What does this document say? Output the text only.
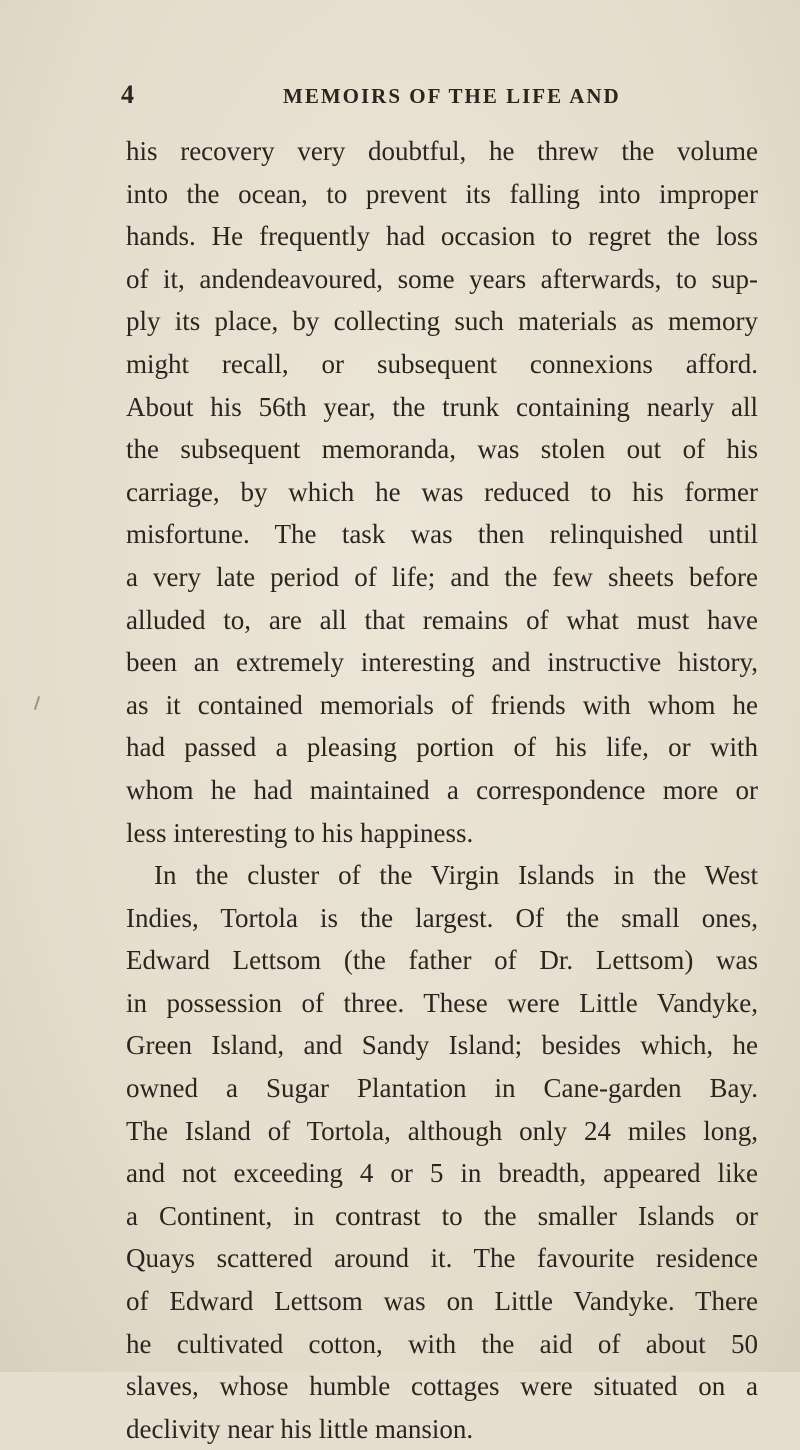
4	MEMOIRS OF THE LIFE AND
his recovery very doubtful, he threw the volume
into the ocean, to prevent its falling into improper
hands. He frequently had occasion to regret the loss
of it, andendeavoured, some years afterwards, to sup-
ply its place, by collecting such materials as memory
might recall, or subsequent connexions afford.
About his 56th year, the trunk containing nearly all
the subsequent memoranda, was stolen out of his
carriage, by which he was reduced to his former
misfortune. The task was then relinquished until
a very late period of life; and the few sheets before
alluded to, are all that remains of what must have
been an extremely interesting and instructive history,
as it contained memorials of friends with whom he
had passed a pleasing portion of his life, or with
whom he had maintained a correspondence more or
less interesting to his happiness.
In the cluster of the Virgin Islands in the West
Indies, Tortola is the largest. Of the small ones,
Edward Lettsom (the father of Dr. Lettsom) was
in possession of three. These were Little Vandyke,
Green Island, and Sandy Island; besides which, he
owned a Sugar Plantation in Cane-garden Bay.
The Island of Tortola, although only 24 miles long,
and not exceeding 4 or 5 in breadth, appeared like
a Continent, in contrast to the smaller Islands or
Quays scattered around it. The favourite residence
of Edward Lettsom was on Little Vandyke. There
he cultivated cotton, with the aid of about 50
slaves, whose humble cottages were situated on a
declivity near his little mansion.
